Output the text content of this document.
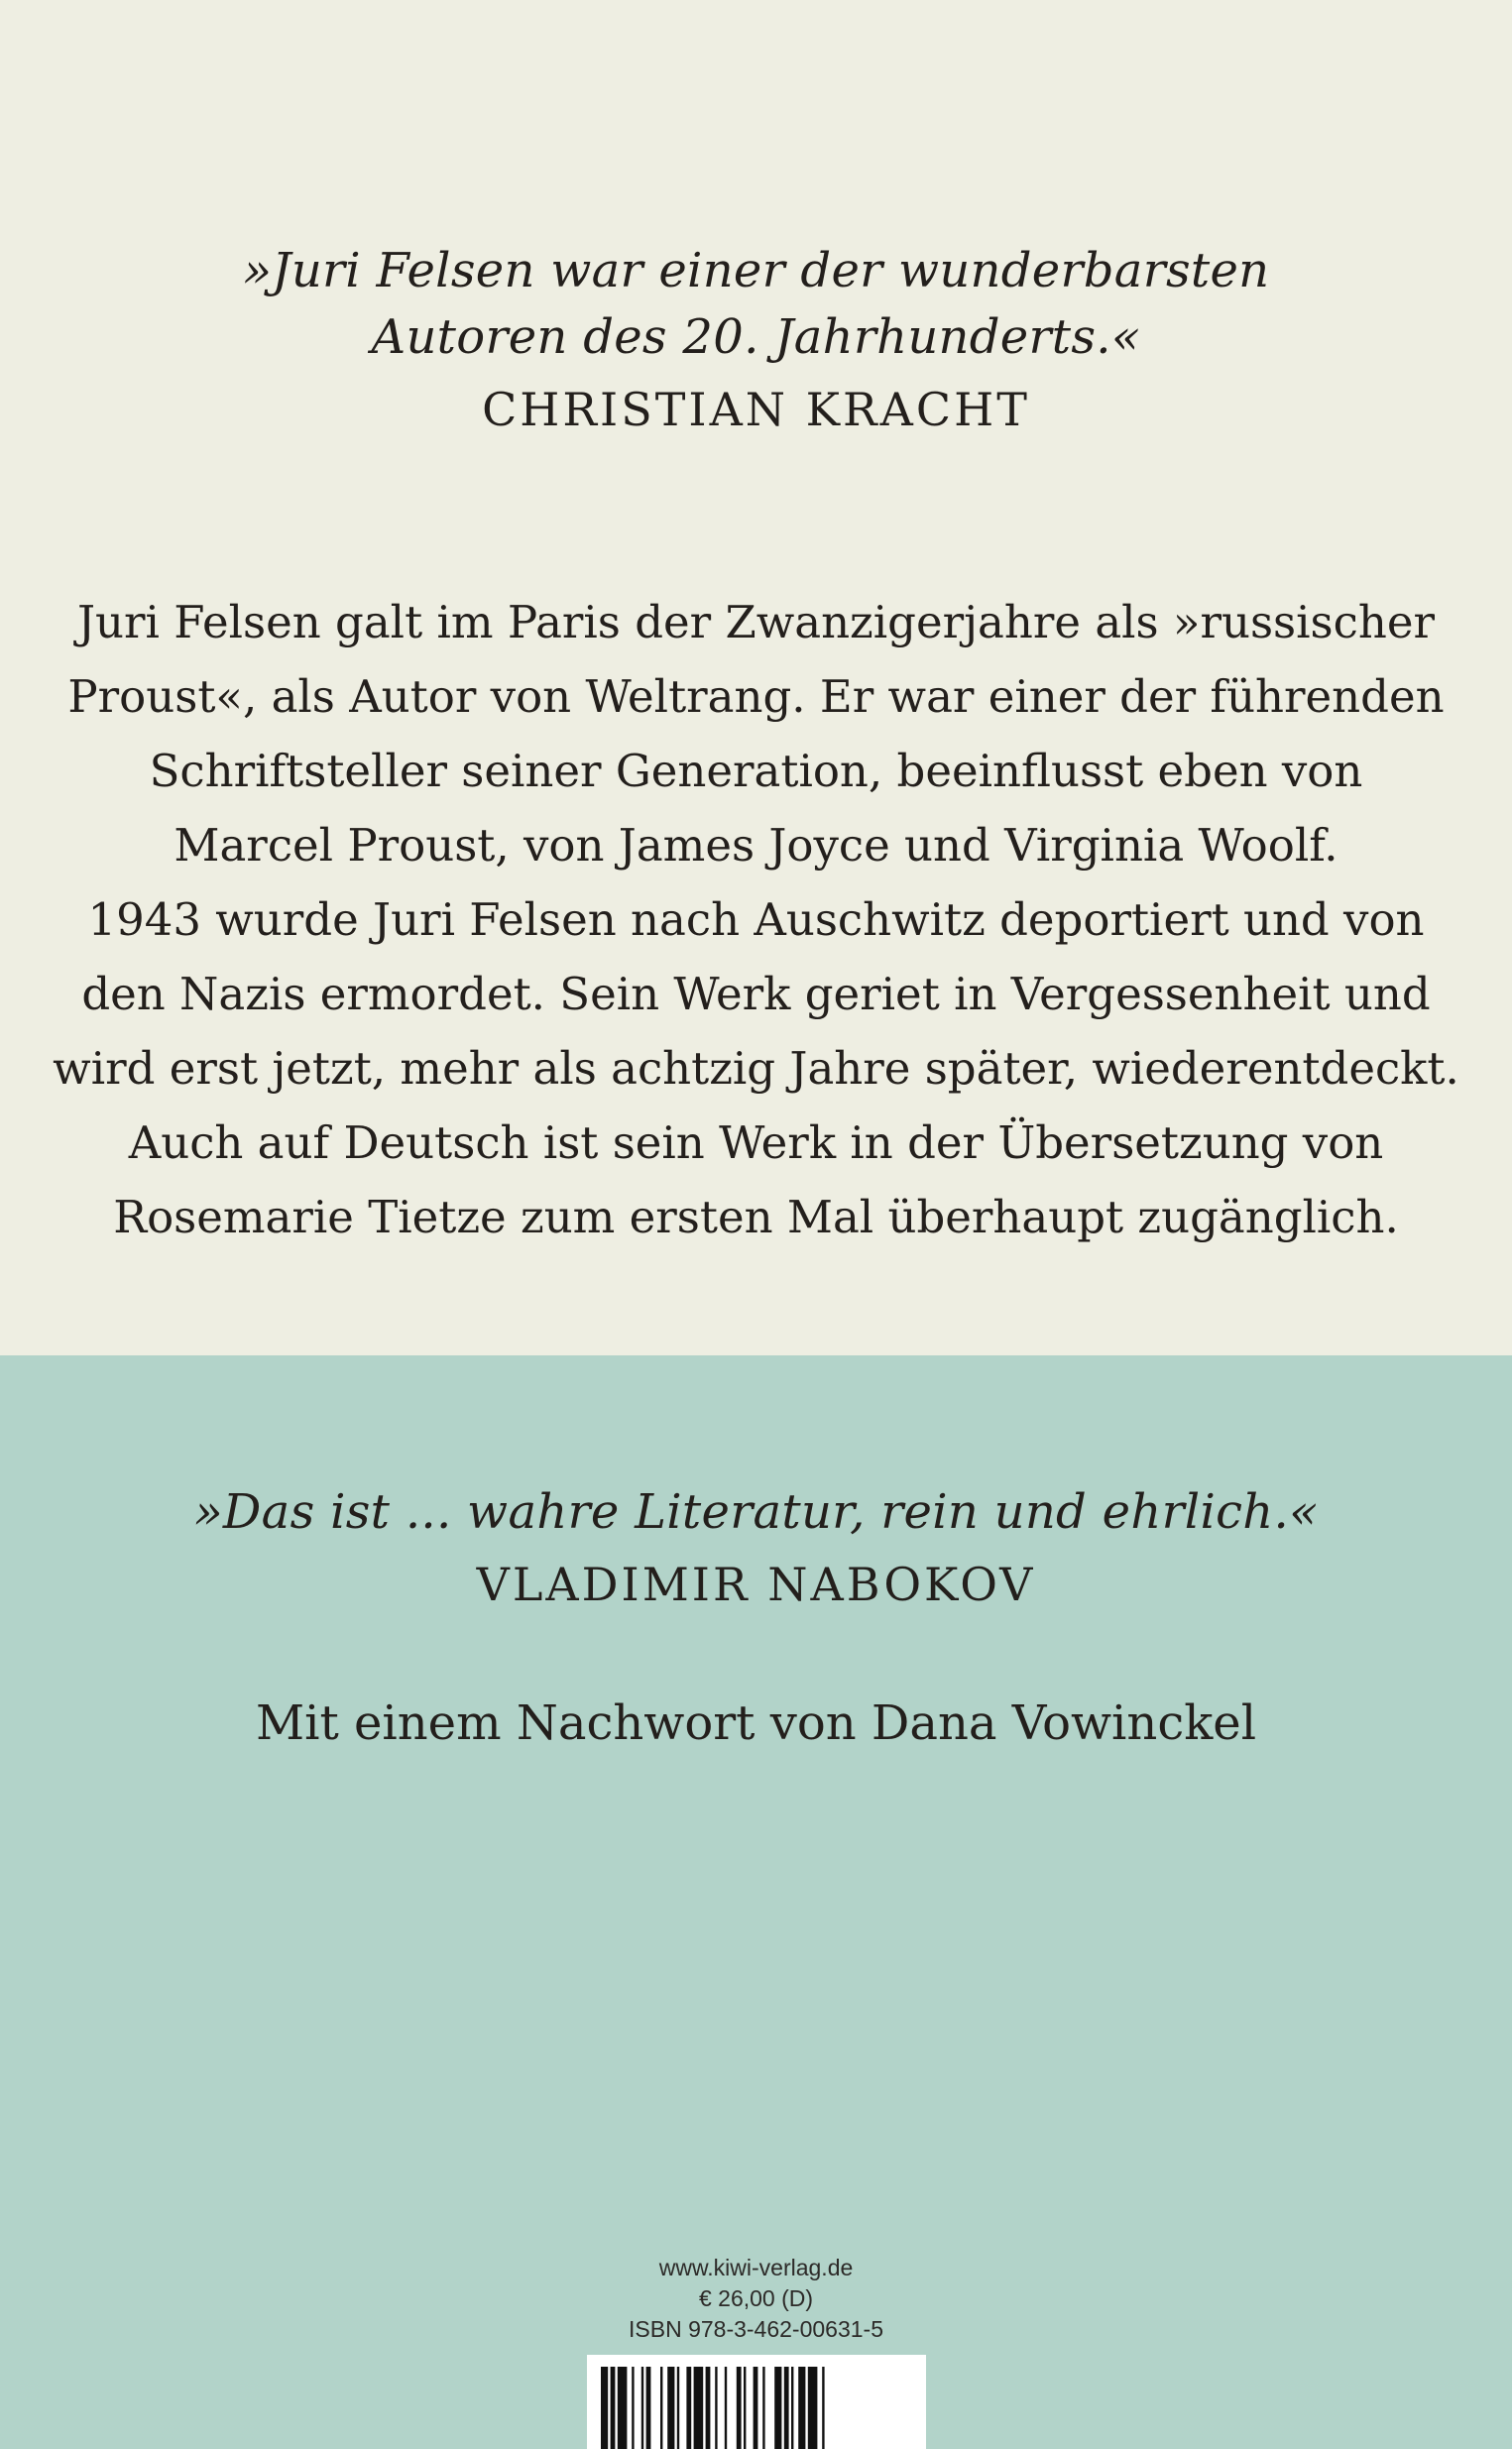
»Juri Felsen war einer der wunderbarsten
Autoren des 20. Jahrhunderts.«
CHRISTIAN KRACHT
Juri Felsen galt im Paris der Zwanzigerjahre als »russischer
Proust«, als Autor von Weltrang. Er war einer der führenden
Schriftsteller seiner Generation, beeinflusst eben von
Marcel Proust, von James Joyce und Virginia Woolf.
1943 wurde Juri Felsen nach Auschwitz deportiert und von
den Nazis ermordet. Sein Werk geriet in Vergessenheit und
wird erst jetzt, mehr als achtzig Jahre später, wiederentdeckt.
Auch auf Deutsch ist sein Werk in der Übersetzung von
Rosemarie Tietze zum ersten Mal überhaupt zugänglich.
»Das ist ... wahre Literatur, rein und ehrlich.«
VLADIMIR NABOKOV
Mit einem Nachwort von Dana Vowinckel
www.kiwi-verlag.de
€ 26,00 (D)
ISBN 978-3-462-00631-5
